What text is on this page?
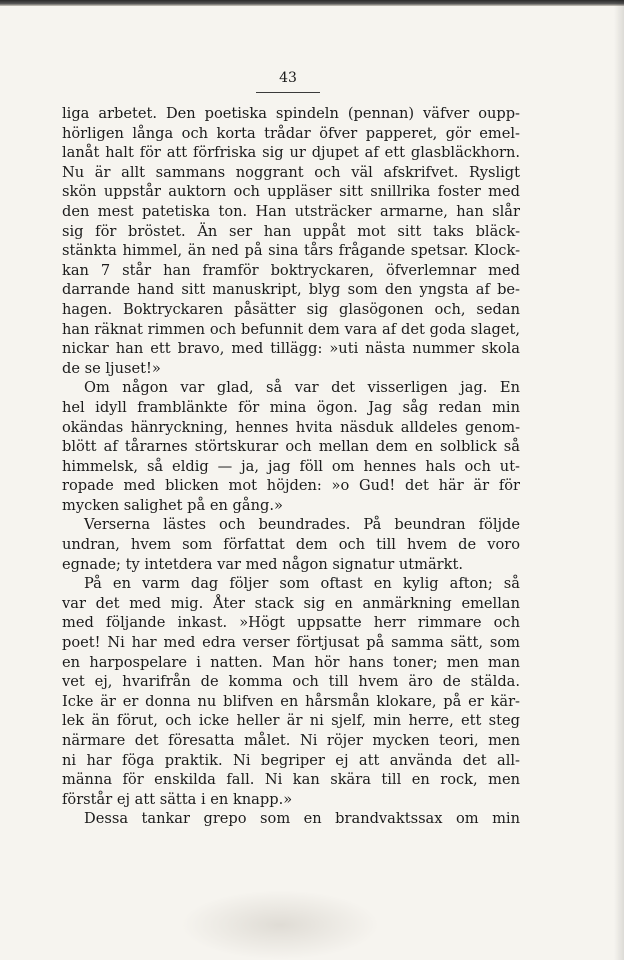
43
liga arbetet. Den poetiska spindeln (pennan) väfver oupp-
hörligen långa och korta trådar öfver papperet, gör emel-
lanåt halt för att förfriska sig ur djupet af ett glasbläckhorn.
Nu är allt sammans noggrant och väl afskrifvet. Rysligt
skön uppstår auktorn och uppläser sitt snillrika foster med
den mest patetiska ton. Han utsträcker armarne, han slår
sig för bröstet. Än ser han uppåt mot sitt taks bläck-
stänkta himmel, än ned på sina tårs frågande spetsar. Klock-
kan 7 står han framför boktryckaren, öfverlemnar med
darrande hand sitt manuskript, blyg som den yngsta af be-
hagen. Boktryckaren påsätter sig glasögonen och, sedan
han räknat rimmen och befunnit dem vara af det goda slaget,
nickar han ett bravo, med tillägg: »uti nästa nummer skola
de se ljuset!»
Om någon var glad, så var det visserligen jag. En
hel idyll framblänkte för mina ögon. Jag såg redan min
okändas hänryckning, hennes hvita näsduk alldeles genom-
blött af tårarnes störtskurar och mellan dem en solblick så
himmelsk, så eldig — ja, jag föll om hennes hals och ut-
ropade med blicken mot höjden: »o Gud! det här är för
mycken salighet på en gång.»
Verserna lästes och beundrades. På beundran följde
undran, hvem som författat dem och till hvem de voro
egnade; ty intetdera var med någon signatur utmärkt.
På en varm dag följer som oftast en kylig afton; så
var det med mig. Åter stack sig en anmärkning emellan
med följande inkast. »Högt uppsatte herr rimmare och
poet! Ni har med edra verser förtjusat på samma sätt, som
en harpospelare i natten. Man hör hans toner; men man
vet ej, hvarifrån de komma och till hvem äro de stälda.
Icke är er donna nu blifven en hårsmån klokare, på er kär-
lek än förut, och icke heller är ni sjelf, min herre, ett steg
närmare det föresatta målet. Ni röjer mycken teori, men
ni har föga praktik. Ni begriper ej att använda det all-
männa för enskilda fall. Ni kan skära till en rock, men
förstår ej att sätta i en knapp.»
Dessa tankar grepo som en brandvaktssax om min
